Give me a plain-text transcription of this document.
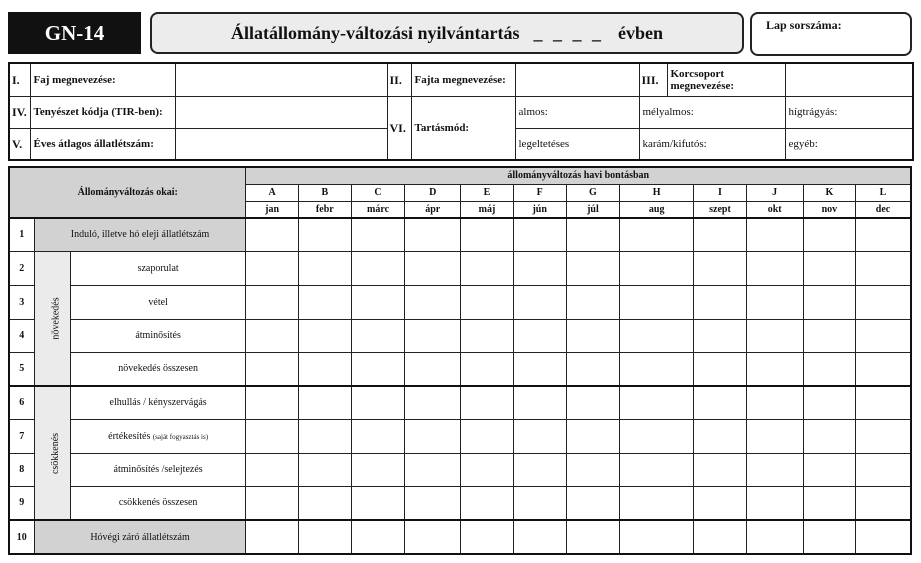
GN-14	Állatállomány-változási nyilvántartás _ _ _ _ évben	Lap sorszáma:
I.	Faj megnevezése:		II.	Fajta megnevezése:		III.	Korcsoport megnevezése:	
IV.	Tenyészet kódja (TIR-ben):		VI.	Tartásmód:	almos:	mélyalmos:		hígtrágyás:
V.	Éves átlagos állatlétszám:				legeltetéses	karám/kifutós:		egyéb:
Állományváltozás okai:			állományváltozás havi bontásban											
			A	B	C	D	E	F	G	H	I	J	K	L
			jan	febr	márc	ápr	máj	jún	júl	aug	szept	okt	nov	dec
1	Induló, illetve hó eleji állatlétszám													
2	növekedés	szaporulat												
3		vétel												
4		átminősítés												
5		növekedés összesen												
6	csökkenés	elhullás / kényszervágás												
7		értékesítés (saját fogyasztás is)												
8		átminősítés /selejtezés												
9		csökkenés összesen												
10	Hóvégi záró állatlétszám													
